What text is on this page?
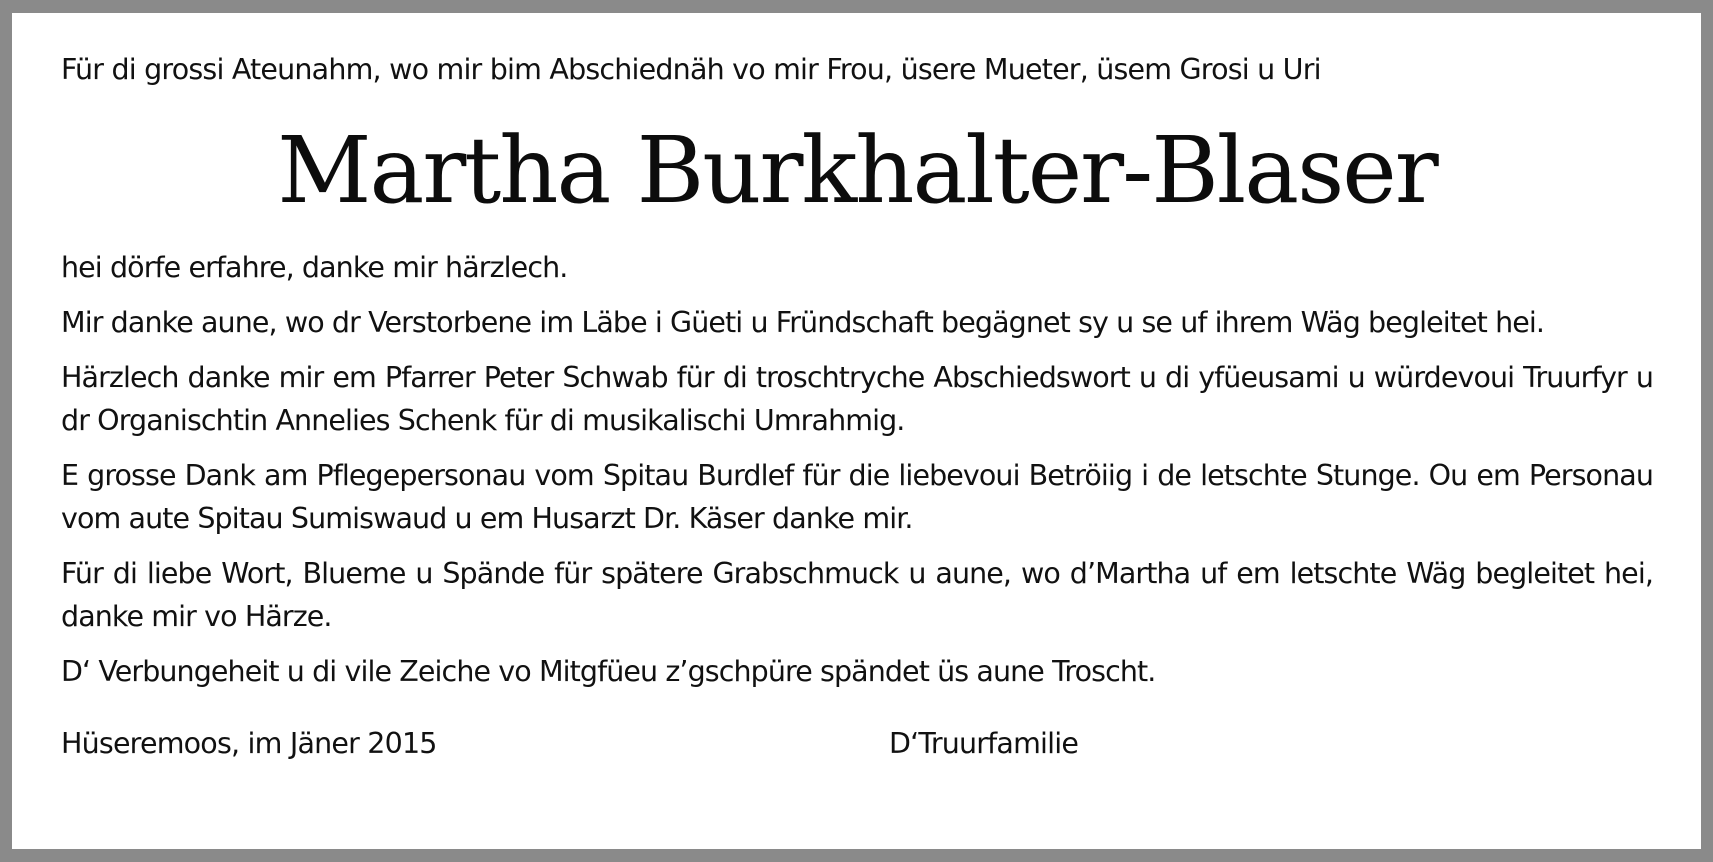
Für di grossi Ateunahm, wo mir bim Abschiednäh vo mir Frou, üsere Mueter, üsem Grosi u Uri
Martha Burkhalter-Blaser

hei dörfe erfahre, danke mir härzlech.

Mir danke aune, wo dr Verstorbene im Läbe i Güeti u Fründschaft begägnet sy u se uf ihrem Wäg begleitet hei.

Härzlech danke mir em Pfarrer Peter Schwab für di troschtryche Abschiedswort u di yfüeusami u würdevoui Truurfyr u dr Organischtin Annelies Schenk für di musikalischi Umrahmig.

E grosse Dank am Pflegepersonau vom Spitau Burdlef für die liebevoui Betröiig i de letschte Stunge. Ou em Personau vom aute Spitau Sumiswaud u em Husarzt Dr. Käser danke mir.

Für di liebe Wort, Blueme u Spände für spätere Grabschmuck u aune, wo d’Martha uf em letschte Wäg begleitet hei, danke mir vo Härze.

D‘ Verbungeheit u di vile Zeiche vo Mitgfüeu z’gschpüre spändet üs aune Troscht.

Hüseremoos, im Jäner 2015	D‘Truurfamilie
